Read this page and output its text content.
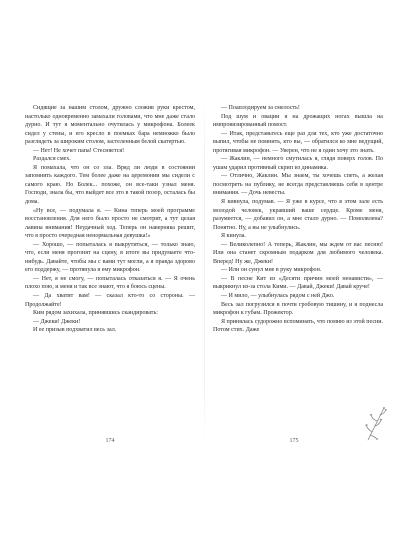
Сидящие за нашим столом, дружно сложив руки крестом, настолько одновременно замахали головами, что мне даже стало дурно. И тут я моментально очутилась у микрофона. Болеек сидел у стены, и его кресло в поемках бара немножко было разглядеть за широким столом, застеленным белой скатертью.

— Нет! Не хочет папа! Стесняется!

Раздался смех.

Я помахала, что он со зла. Вряд ли люди в состоянии запомнить каждого. Тем более даже на церемонии мы сидели с самого краю. Но Болек... похоже, он все-таки узнал меня. Господи, знала бы, что выйдет все это в такой позор, осталась бы дома.

«Ну все, — подумала я. — Кина теперь моей программе восстановления. Для него было просто не смотрит, а тут целая лавина внимания! Неудачный ход. Теперь он наверняка решит, что я просто очередная ненормальная девушка!»

— Хорошо, — попыталась я выкрутиться, — только знаю, что, если меня прогонят на сцену, в итоге вы придумаете что-нибудь. Давайте, чтобы мы с вами тут могли, а я правда здорово его поддержу, — протянула я ему микрофон.

— Нет, я не смогу, — попыталась отказаться я. — Я очень плохо пою, и меня и так все знают, что я боюсь сцены.

— Да хватит вам! — сказал кто-то со стороны. — Продолжайте!

Ким рядом захихала, принявшись скандировать:

— Джеки! Джеки!

И ее призыв подхватил весь зал.

— Поаплодируем за смелость!

Под шум и овации я на дрожащих ногах вышла на импровизированный помост.

— Итак, представьтесь еще раз для тех, кто уже достаточно выпил, чтобы не помнить, кто вы, — обратился ко мне ведущий, протягивая микрофон. — Уверен, что не я один хочу это знать.

— Жаклин, — немного смутилась я, глядя поверх голов. По ушам ударил противный скрип из динамика.

— Отлично, Жаклин. Мы знаем, ты хочешь спеть, а желая посмотреть на публику, не всегда представляешь себя в центре внимания. — Дочь невесты.

Я кивнула, подумав. — Я уже в курсе, что в этом зале есть молодой человек, укравший ваше сердце. Кроме меня, разумеется, — добавил он, а мне стало дурно. — Помолвлена? Понятно. Ну, а вы не улыбнулись.

Я кинула.

— Великолепно! А теперь, Жаклин, мы ждем от вас песню! Или она станет скромным подарком для любимого человека. Вперед! Ну же, Джеки!

— Или он сунул мне в руку микрофон.

— В песне Кит из «Десяти причин моей ненависти», — выкрикнул из-за стола Кими. — Давай, Джеки! Давай круче!

— И мило, — улыбнулась рядом с ней Джо.

Весь зал погрузился в почти гробовую тишину, и я поднесла микрофон к губам. Прожектор.

Я принялась судорожно вспоминать, что помню из этой песни. Потом стих. Даже

174	175
